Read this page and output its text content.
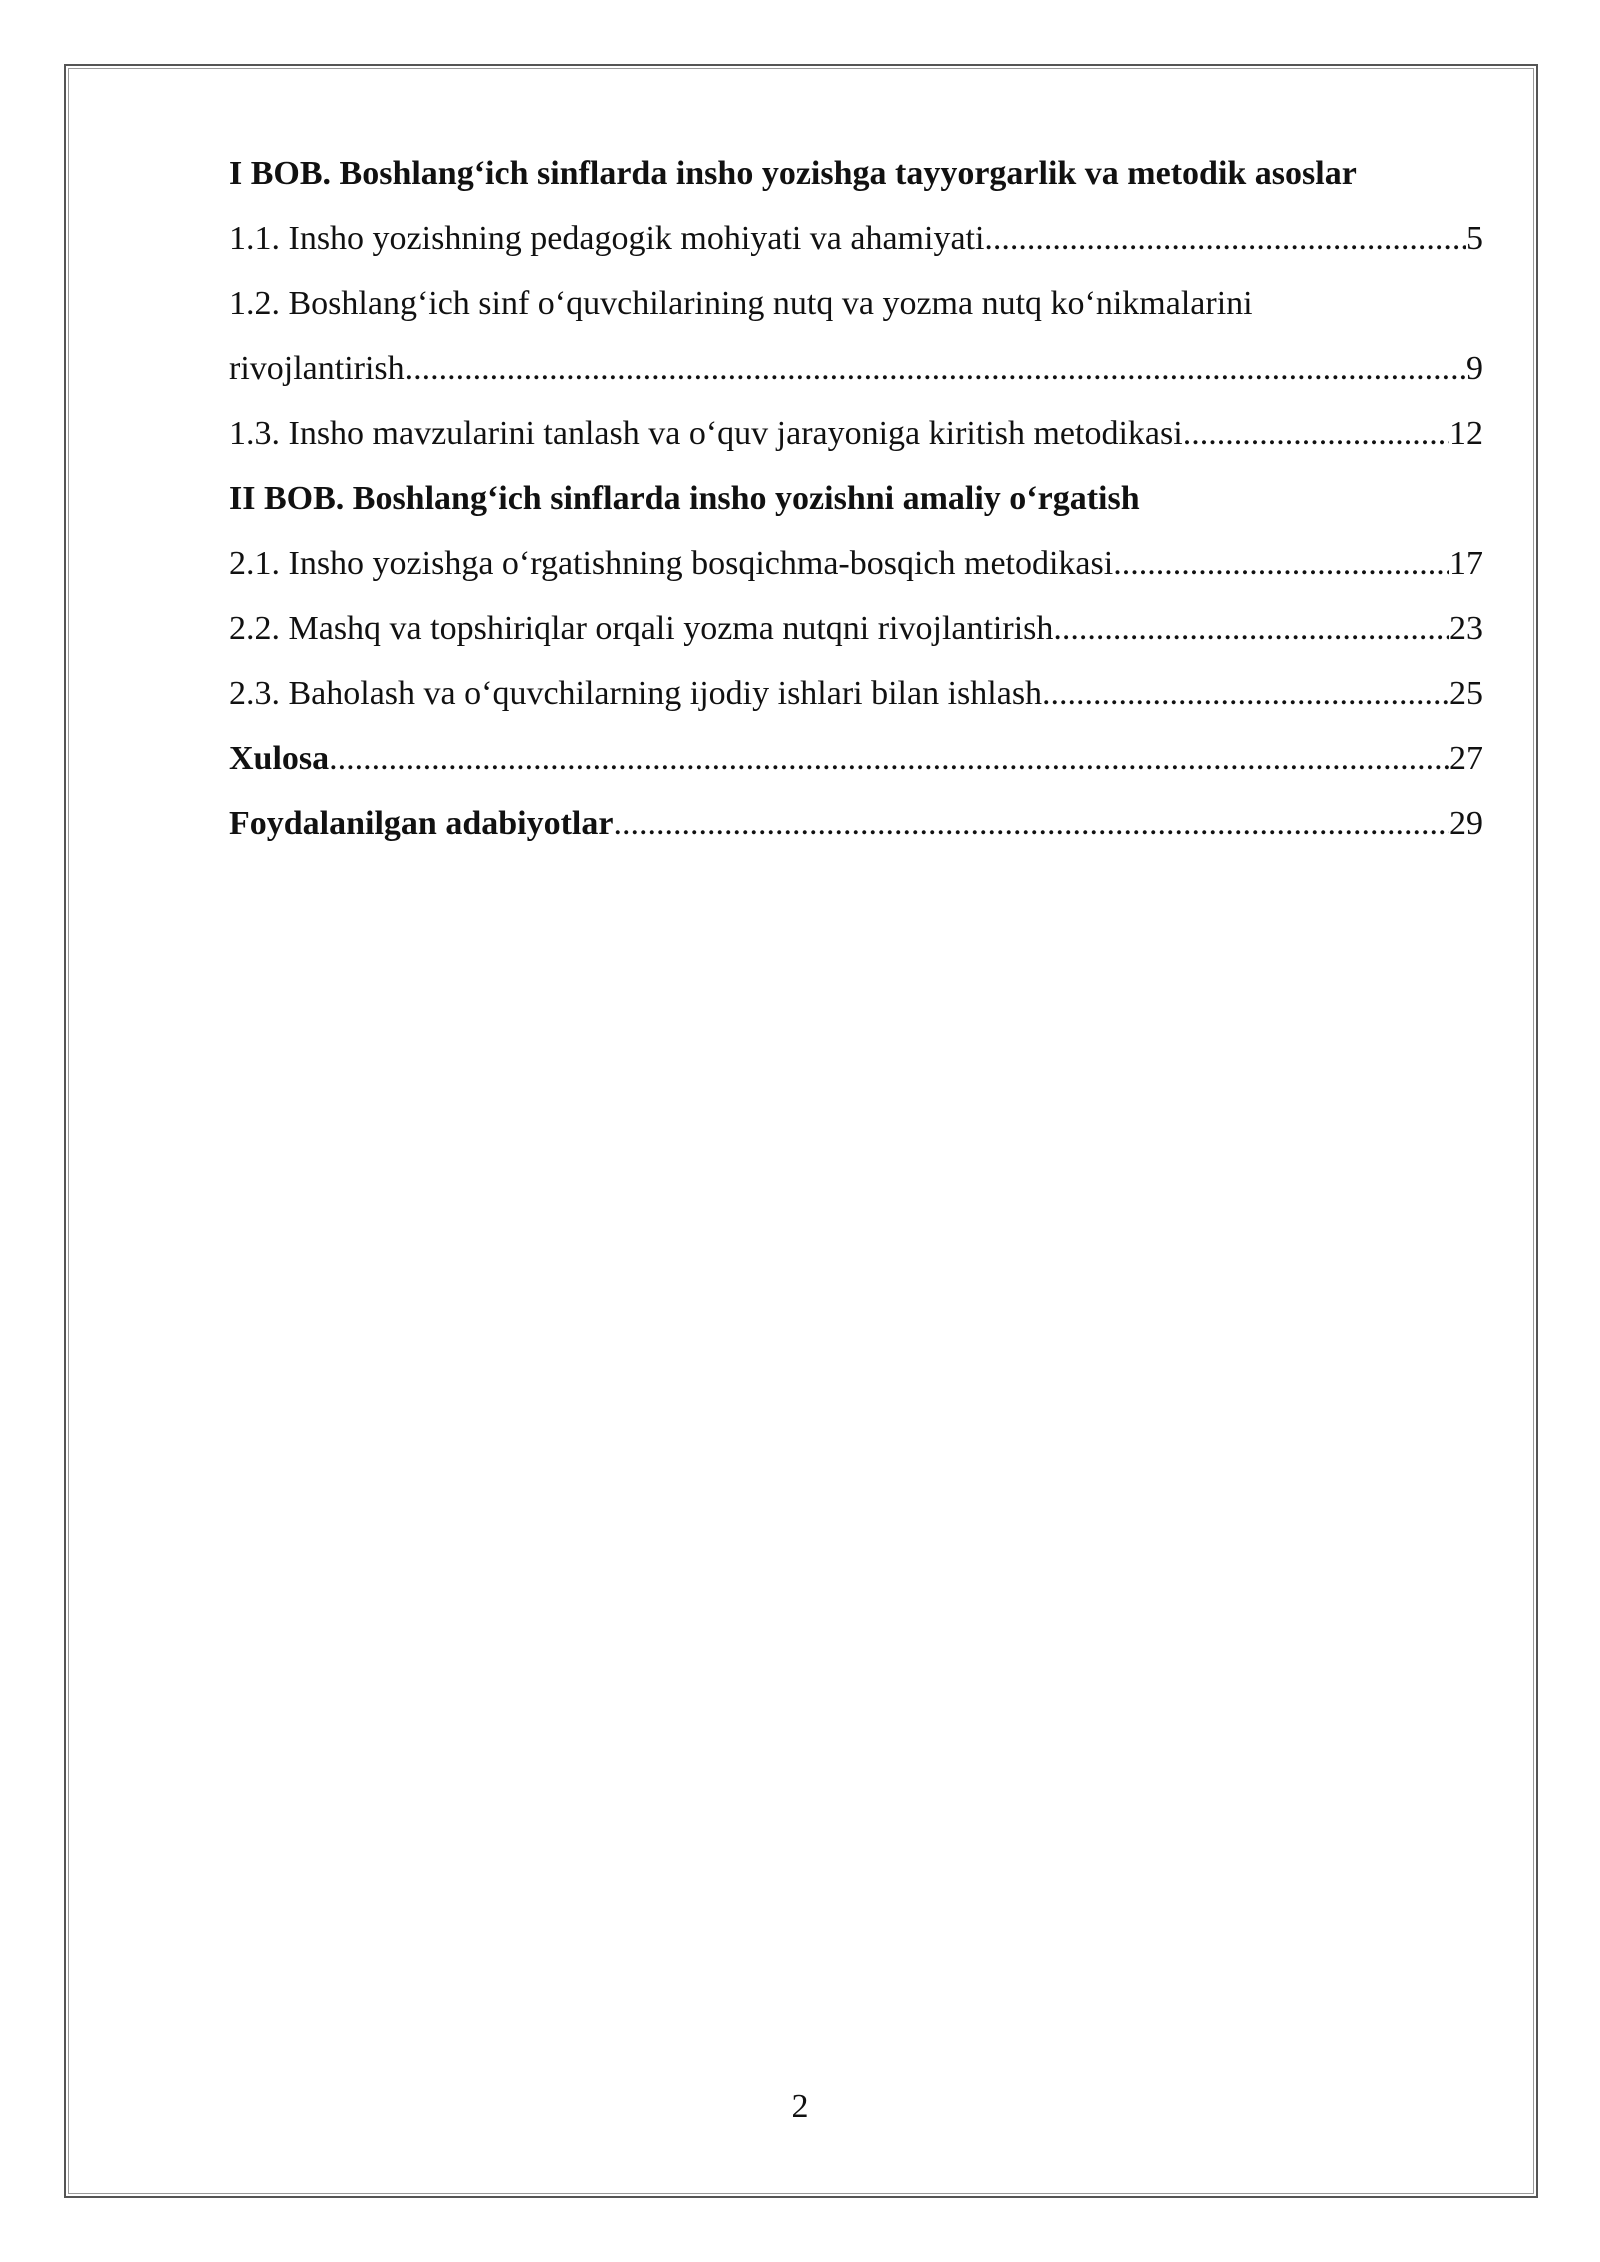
I BOB. Boshlang‘ich sinflarda insho yozishga tayyorgarlik va metodik asoslar
1.1. Insho yozishning pedagogik mohiyati va ahamiyati .....	5
1.2. Boshlang‘ich sinf o‘quvchilarining nutq va yozma nutq ko‘nikmalarini
rivojlantirish .....	9
1.3. Insho mavzularini tanlash va o‘quv jarayoniga kiritish metodikasi .....	12
II BOB. Boshlang‘ich sinflarda insho yozishni amaliy o‘rgatish
2.1. Insho yozishga o‘rgatishning bosqichma-bosqich metodikasi .....	17
2.2. Mashq va topshiriqlar orqali yozma nutqni rivojlantirish .....	23
2.3. Baholash va o‘quvchilarning ijodiy ishlari bilan ishlash .....	25
Xulosa .....	27
Foydalanilgan adabiyotlar .....	29
2
